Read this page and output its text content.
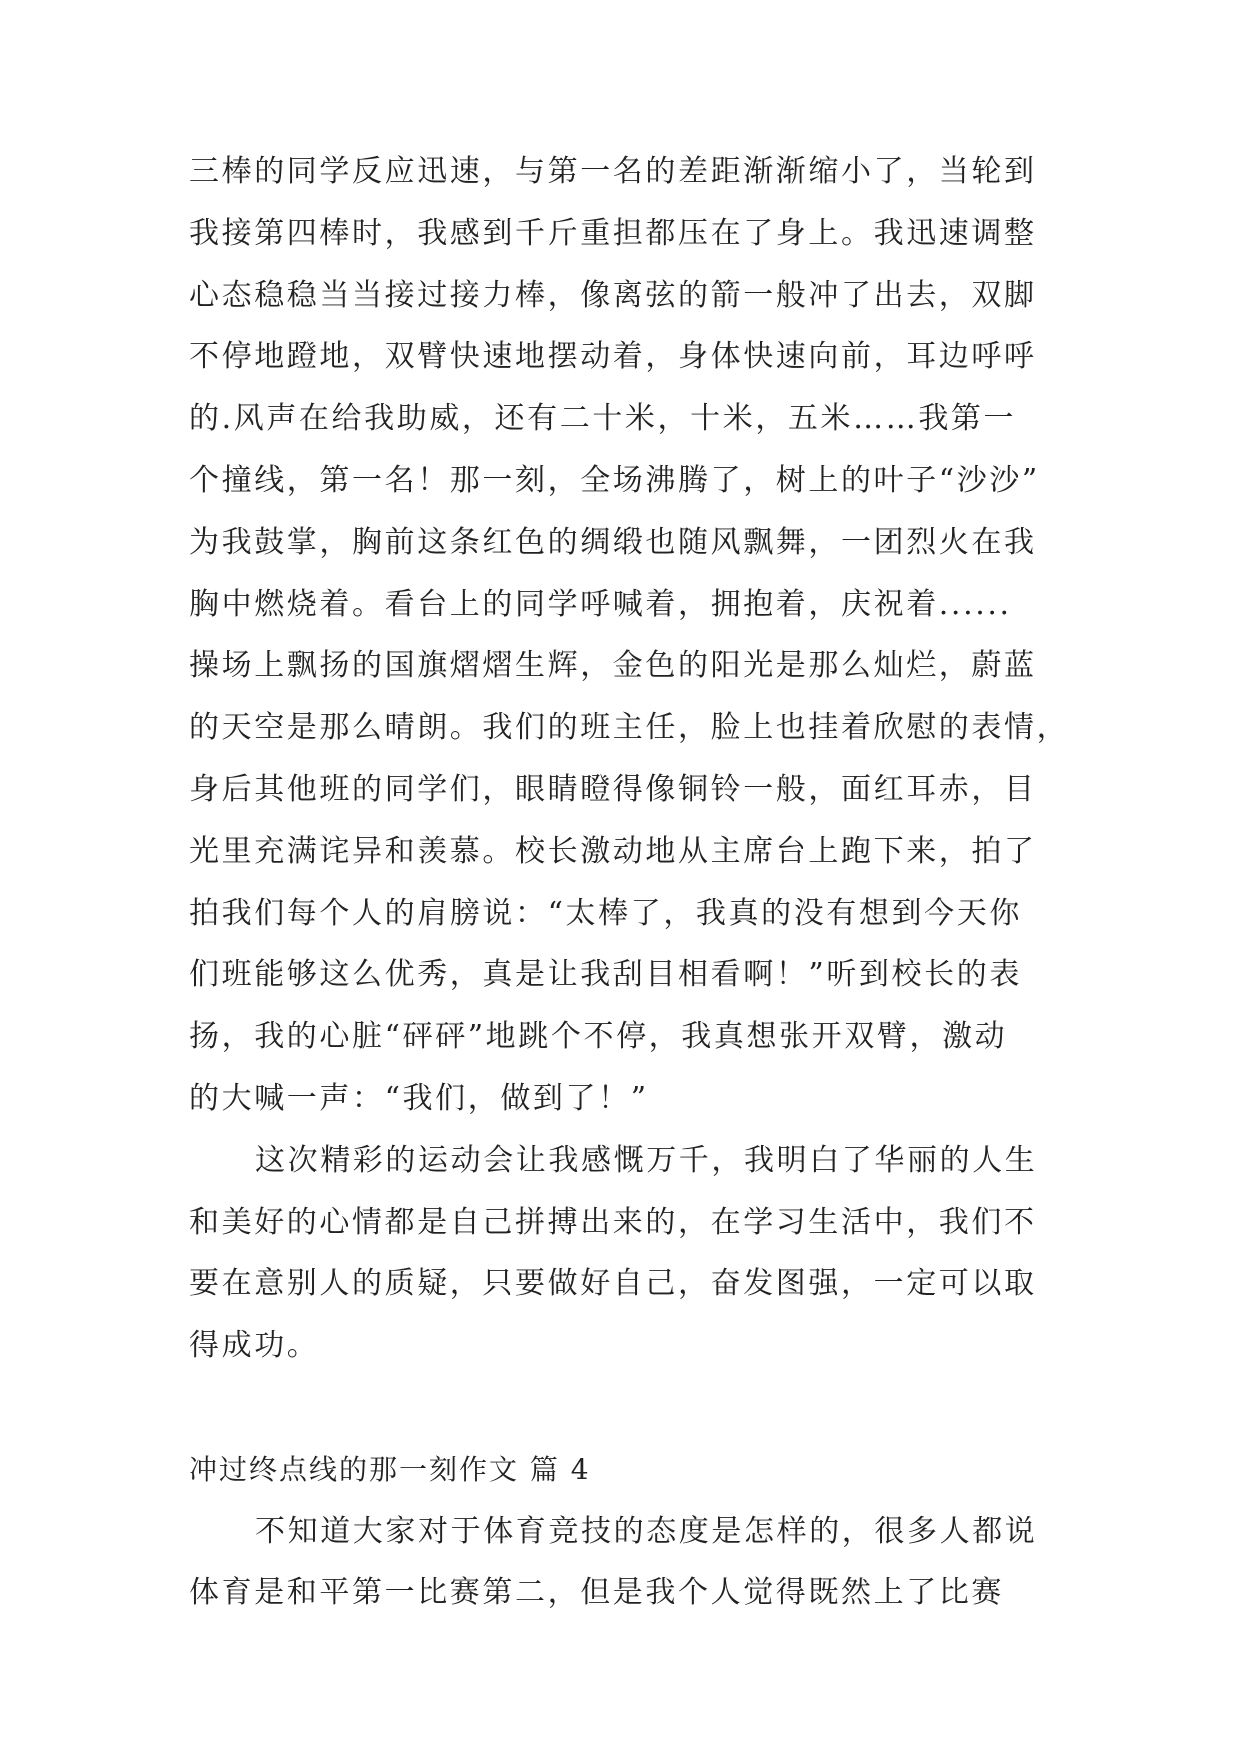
三棒的同学反应迅速，与第一名的差距渐渐缩小了，当轮到
我接第四棒时，我感到千斤重担都压在了身上。我迅速调整
心态稳稳当当接过接力棒，像离弦的箭一般冲了出去，双脚
不停地蹬地，双臂快速地摆动着，身体快速向前，耳边呼呼
的.风声在给我助威，还有二十米，十米，五米……我第一
个撞线，第一名！那一刻，全场沸腾了，树上的叶子“沙沙”
为我鼓掌，胸前这条红色的绸缎也随风飘舞，一团烈火在我
胸中燃烧着。看台上的同学呼喊着，拥抱着，庆祝着......
操场上飘扬的国旗熠熠生辉，金色的阳光是那么灿烂，蔚蓝
的天空是那么晴朗。我们的班主任，脸上也挂着欣慰的表情，
身后其他班的同学们，眼睛瞪得像铜铃一般，面红耳赤，目
光里充满诧异和羡慕。校长激动地从主席台上跑下来，拍了
拍我们每个人的肩膀说：“太棒了，我真的没有想到今天你
们班能够这么优秀，真是让我刮目相看啊！”听到校长的表
扬，我的心脏“砰砰”地跳个不停，我真想张开双臂，激动
的大喊一声：“我们，做到了！”
这次精彩的运动会让我感慨万千，我明白了华丽的人生
和美好的心情都是自己拼搏出来的，在学习生活中，我们不
要在意别人的质疑，只要做好自己，奋发图强，一定可以取
得成功。
冲过终点线的那一刻作文 篇 4
不知道大家对于体育竞技的态度是怎样的，很多人都说
体育是和平第一比赛第二，但是我个人觉得既然上了比赛
